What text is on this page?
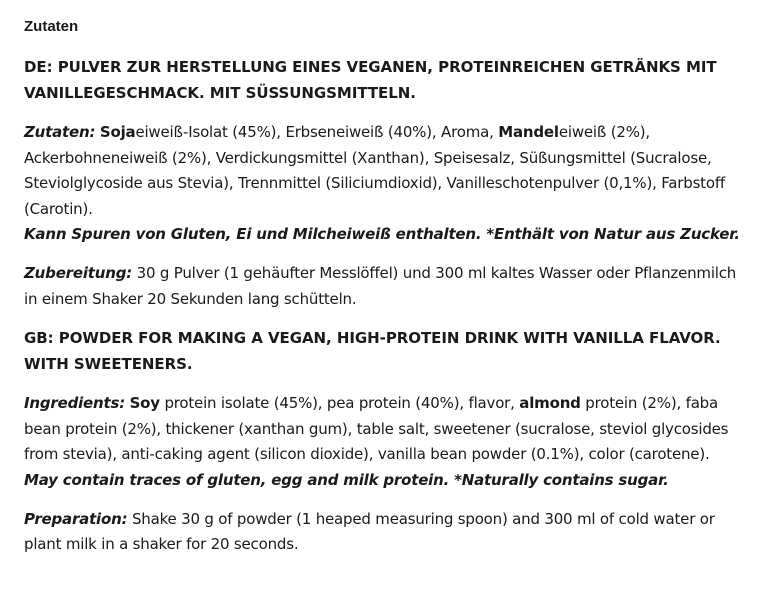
Zutaten
DE: PULVER ZUR HERSTELLUNG EINES VEGANEN, PROTEINREICHEN GETRÄNKS MIT VANILLEGESCHMACK. MIT SÜSSUNGSMITTELN.

Zutaten: Sojaeiweiß-Isolat (45%), Erbseneiweiß (40%), Aroma, Mandeleiweiß (2%), Ackerbohneneiweiß (2%), Verdickungsmittel (Xanthan), Speisesalz, Süßungsmittel (Sucralose, Steviolglycoside aus Stevia), Trennmittel (Siliciumdioxid), Vanilleschotenpulver (0,1%), Farbstoff (Carotin).
Kann Spuren von Gluten, Ei und Milcheiweiß enthalten. *Enthält von Natur aus Zucker.

Zubereitung: 30 g Pulver (1 gehäufter Messlöffel) und 300 ml kaltes Wasser oder Pflanzenmilch in einem Shaker 20 Sekunden lang schütteln.

GB: POWDER FOR MAKING A VEGAN, HIGH-PROTEIN DRINK WITH VANILLA FLAVOR. WITH SWEETENERS.

Ingredients: Soy protein isolate (45%), pea protein (40%), flavor, almond protein (2%), faba bean protein (2%), thickener (xanthan gum), table salt, sweetener (sucralose, steviol glycosides from stevia), anti-caking agent (silicon dioxide), vanilla bean powder (0.1%), color (carotene).
May contain traces of gluten, egg and milk protein. *Naturally contains sugar.

Preparation: Shake 30 g of powder (1 heaped measuring spoon) and 300 ml of cold water or plant milk in a shaker for 20 seconds.
